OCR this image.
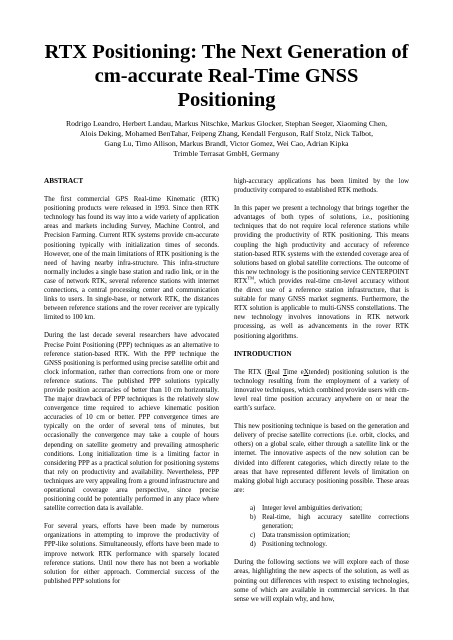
RTX Positioning: The Next Generation of
cm-accurate Real-Time GNSS Positioning
Rodrigo Leandro, Herbert Landau, Markus Nitschke, Markus Glocker, Stephan Seeger, Xiaoming Chen,
Alois Deking, Mohamed BenTahar, Feipeng Zhang, Kendall Ferguson, Ralf Stolz, Nick Talbot,
Gang Lu, Timo Allison, Markus Brandl, Victor Gomez, Wei Cao, Adrian Kipka
Trimble Terrasat GmbH, Germany
ABSTRACT

The first commercial GPS Real-time Kinematic (RTK) positioning products were released in 1993. Since then RTK technology has found its way into a wide variety of application areas and markets including Survey, Machine Control, and Precision Farming. Current RTK systems provide cm-accurate positioning typically with initialization times of seconds. However, one of the main limitations of RTK positioning is the need of having nearby infra-structure. This infra-structure normally includes a single base station and radio link, or in the case of network RTK, several reference stations with internet connections, a central processing center and communication links to users. In single-base, or network RTK, the distances between reference stations and the rover receiver are typically limited to 100 km.

During the last decade several researchers have advocated Precise Point Positioning (PPP) techniques as an alternative to reference station-based RTK. With the PPP technique the GNSS positioning is performed using precise satellite orbit and clock information, rather than corrections from one or more reference stations. The published PPP solutions typically provide position accuracies of better than 10 cm horizontally. The major drawback of PPP techniques is the relatively slow convergence time required to achieve kinematic position accuracies of 10 cm or better. PPP convergence times are typically on the order of several tens of minutes, but occasionally the convergence may take a couple of hours depending on satellite geometry and prevailing atmospheric conditions. Long initialization time is a limiting factor in considering PPP as a practical solution for positioning systems that rely on productivity and availability. Nevertheless, PPP techniques are very appealing from a ground infrastructure and operational coverage area perspective, since precise positioning could be potentially performed in any place where satellite correction data is available.

For several years, efforts have been made by numerous organizations in attempting to improve the productivity of PPP-like solutions. Simultaneously, efforts have been made to improve network RTK performance with sparsely located reference stations. Until now there has not been a workable solution for either approach. Commercial success of the published PPP solutions for

high-accuracy applications has been limited by the low productivity compared to established RTK methods.

In this paper we present a technology that brings together the advantages of both types of solutions, i.e., positioning techniques that do not require local reference stations while providing the productivity of RTK positioning. This means coupling the high productivity and accuracy of reference station-based RTK systems with the extended coverage area of solutions based on global satellite corrections. The outcome of this new technology is the positioning service CENTERPOINT RTX™, which provides real-time cm-level accuracy without the direct use of a reference station infrastructure, that is suitable for many GNSS market segments. Furthermore, the RTX solution is applicable to multi-GNSS constellations. The new technology involves innovations in RTK network processing, as well as advancements in the rover RTK positioning algorithms.

INTRODUCTION

The RTX (Real Time eXtended) positioning solution is the technology resulting from the employment of a variety of innovative techniques, which combined provide users with cm-level real time position accuracy anywhere on or near the earth’s surface.

This new positioning technique is based on the generation and delivery of precise satellite corrections (i.e. orbit, clocks, and others) on a global scale, either through a satellite link or the internet. The innovative aspects of the new solution can be divided into different categories, which directly relate to the areas that have represented different levels of limitation on making global high accuracy positioning possible. These areas are:

a) Integer level ambiguities derivation;
b) Real-time, high accuracy satellite corrections generation;
c) Data transmission optimization;
d) Positioning technology.

During the following sections we will explore each of those areas, highlighting the new aspects of the solution, as well as pointing out differences with respect to existing technologies, some of which are available in commercial services. In that sense we will explain why, and how,
